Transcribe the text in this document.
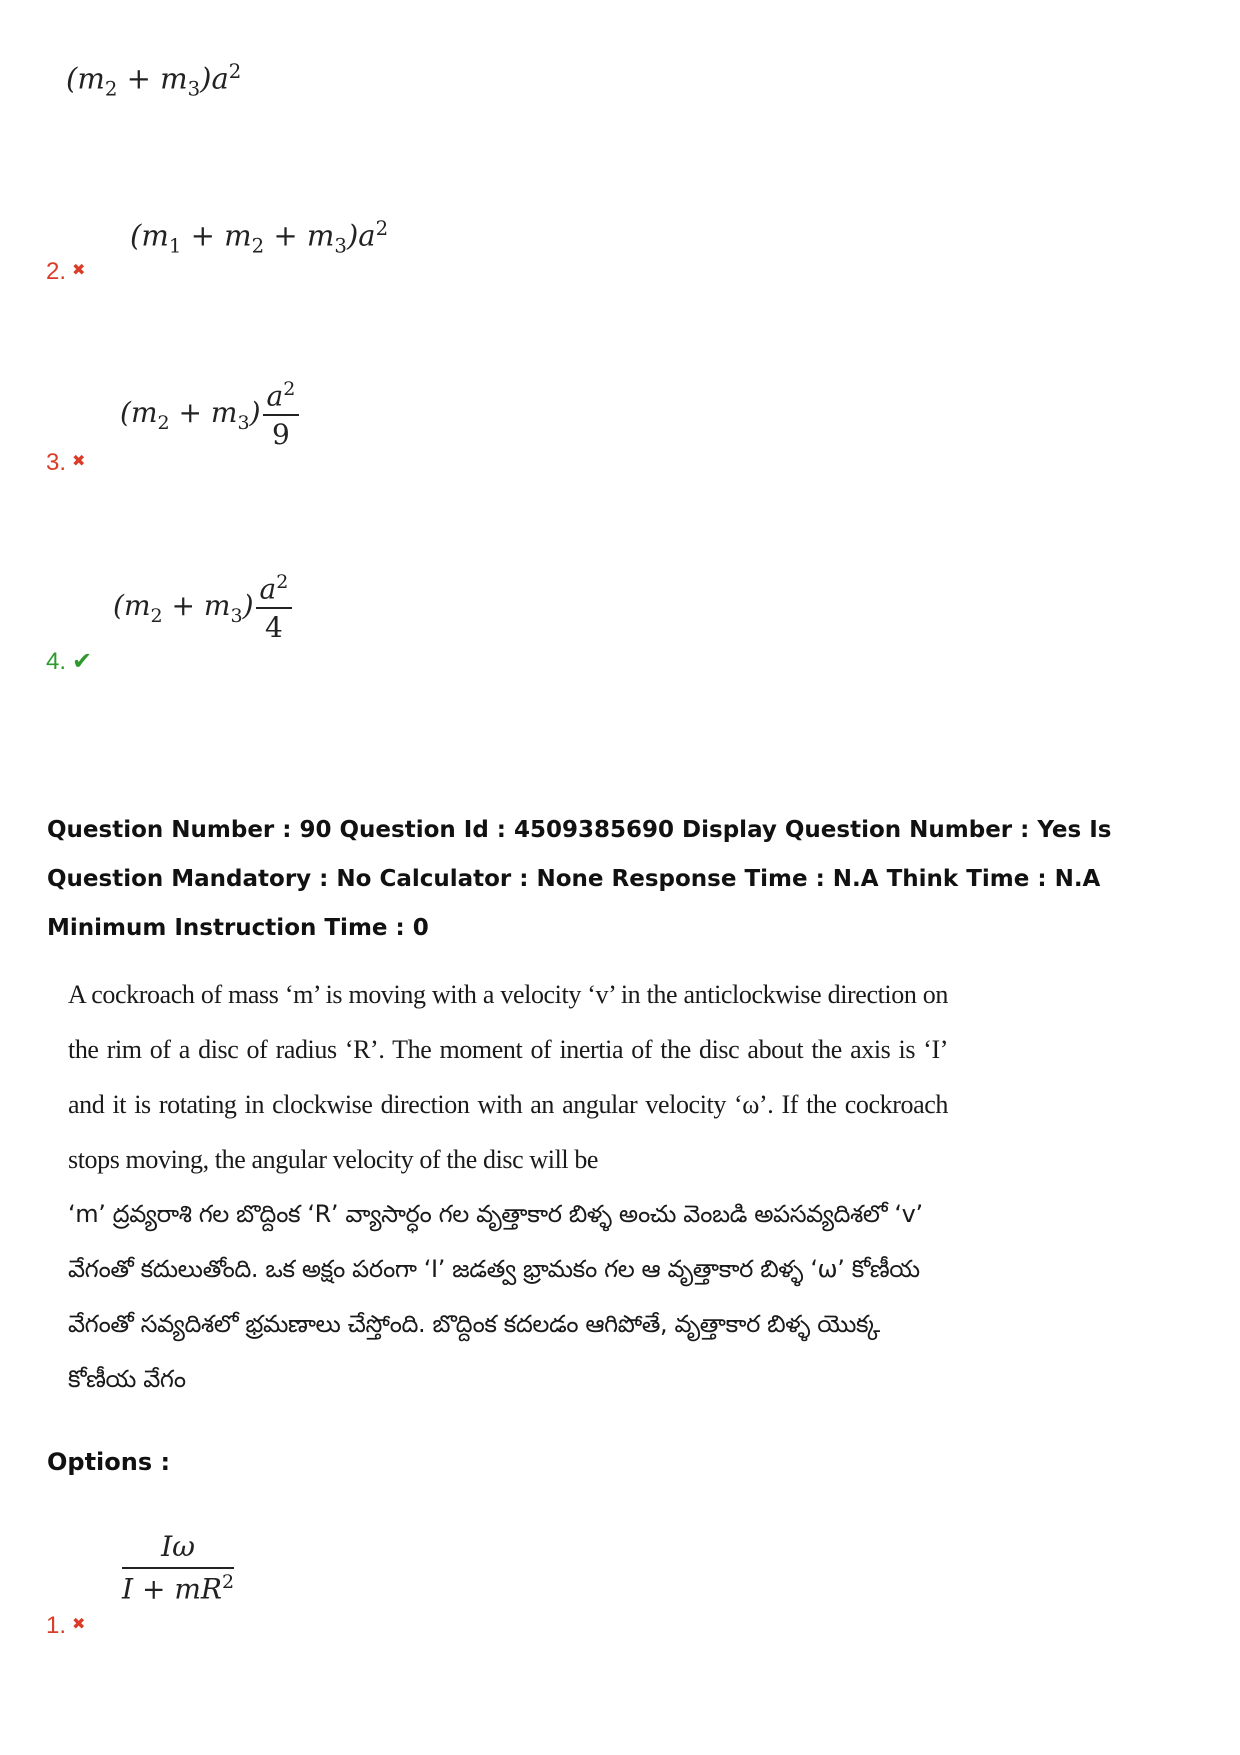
$(m_2 + m_3)a^2$
$(m_1 + m_2 + m_3)a^2$
2. ✖
$(m_2 + m_3) \frac{a^2}{9}$
3. ✖
$(m_2 + m_3) \frac{a^2}{4}$
4. ✔
Question Number : 90 Question Id : 4509385690 Display Question Number : Yes Is Question Mandatory : No Calculator : None Response Time : N.A Think Time : N.A Minimum Instruction Time : 0

A cockroach of mass ‘m’ is moving with a velocity ‘v’ in the anticlockwise direction on the rim of a disc of radius ‘R’. The moment of inertia of the disc about the axis is ‘I’ and it is rotating in clockwise direction with an angular velocity ‘ω’. If the cockroach stops moving, the angular velocity of the disc will be

‘m’ ద్రవ్యరాశి గల బొద్దింక ‘R’ వ్యాసార్ధం గల వృత్తాకార బిళ్ళ అంచు వెంబడి అపసవ్యదిశలో ‘v’ వేగంతో కదులుతోంది. ఒక అక్షం పరంగా ‘I’ జడత్వ భ్రామకం గల ఆ వృత్తాకార బిళ్ళ ‘ω’ కోణీయ వేగంతో సవ్యదిశలో భ్రమణాలు చేస్తోంది. బొద్దింక కదలడం ఆగిపోతే, వృత్తాకార బిళ్ళ యొక్క కోణీయ వేగం
Options :
$\frac{I\omega}{I + mR^2}$
1. ✖
